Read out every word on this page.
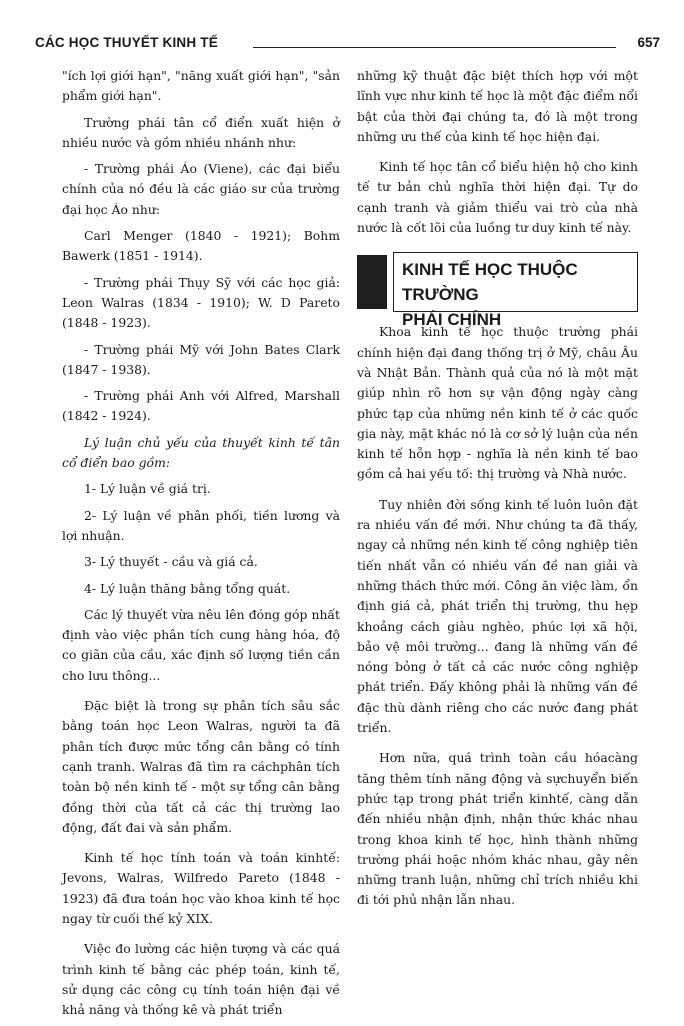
CÁC HỌC THUYẾT KINH TẾ	657

"ích lợi giới hạn", "năng xuất giới hạn", "sản phẩm giới hạn".

Trường phái tân cổ điển xuất hiện ở nhiều nước và gồm nhiều nhánh như:

- Trường phái Áo (Viene), các đại biểu chính của nó đều là các giáo sư của trường đại học Áo như:

Carl Menger (1840 - 1921); Bohm Bawerk (1851 - 1914).

- Trường phái Thụy Sỹ với các học giả: Leon Walras (1834 - 1910); W. D Pareto (1848 - 1923).

- Trường phái Mỹ với John Bates Clark (1847 - 1938).

- Trường phái Anh với Alfred, Marshall (1842 - 1924).

Lý luận chủ yếu của thuyết kinh tế tân cổ điển bao gồm:

1- Lý luận về giá trị.

2- Lý luận về phân phối, tiền lương và lợi nhuận.

3- Lý thuyết - cầu và giá cả.

4- Lý luận thăng bằng tổng quát.

Các lý thuyết vừa nêu lên đóng góp nhất định vào việc phân tích cung hàng hóa, độ co giãn của cầu, xác định số lượng tiền cần cho lưu thông...

Đặc biệt là trong sự phân tích sâu sắc bằng toán học Leon Walras, người ta đã phân tích được mức tổng cân bằng có tính cạnh tranh. Walras đã tìm ra cáchphân tích toàn bộ nền kinh tế - một sự tổng cân bằng đồng thời của tất cả các thị trường lao động, đất đai và sản phẩm.

Kinh tế học tính toán và toán kinhtế: Jevons, Walras, Wilfredo Pareto (1848 - 1923) đã đưa toán học vào khoa kinh tế học ngay từ cuối thế kỷ XIX.

Việc đo lường các hiện tượng và các quá trình kinh tế bằng các phép toán, kinh tế, sử dụng các công cụ tính toán hiện đại về khả năng và thống kê và phát triển

những kỹ thuật đặc biệt thích hợp với một lĩnh vực như kinh tế học là một đặc điểm nổi bật của thời đại chúng ta, đó là một trong những ưu thế của kinh tế học hiện đại.

Kinh tế học tân cổ biểu hiện hộ cho kinh tế tư bản chủ nghĩa thời hiện đại. Tự do cạnh tranh và giảm thiểu vai trò của nhà nước là cốt lõi của luồng tư duy kinh tế này.

KINH TẾ HỌC THUỘC TRƯỜNG
PHÁI CHÍNH

Khoa kinh tế học thuộc trường phái chính hiện đại đang thống trị ở Mỹ, châu Âu và Nhật Bản. Thành quả của nó là một mặt giúp nhìn rõ hơn sự vận động ngày càng phức tạp của những nền kinh tế ở các quốc gia này, mặt khác nó là cơ sở lý luận của nền kinh tế hỗn hợp - nghĩa là nền kinh tế bao gồm cả hai yếu tố: thị trường và Nhà nước.

Tuy nhiên đời sống kinh tế luôn luôn đặt ra nhiều vấn đề mới. Như chúng ta đã thấy, ngay cả những nền kinh tế công nghiệp tiên tiến nhất vẫn có nhiều vấn đề nan giải và những thách thức mới. Công ăn việc làm, ổn định giá cả, phát triển thị trường, thu hẹp khoảng cách giàu nghèo, phúc lợi xã hội, bảo vệ môi trường... đang là những vấn đề nóng bỏng ở tất cả các nước công nghiệp phát triển. Đấy không phải là những vấn đề đặc thù dành riêng cho các nước đang phát triển.

Hơn nữa, quá trình toàn cầu hóacàng tăng thêm tính năng động và sựchuyển biến phức tạp trong phát triển kinhtế, càng dẫn đến nhiều nhận định, nhận thức khác nhau trong khoa kinh tế học, hình thành những trường phái hoặc nhóm khác nhau, gây nên những tranh luận, những chỉ trích nhiều khi đi tới phủ nhận lẫn nhau.
